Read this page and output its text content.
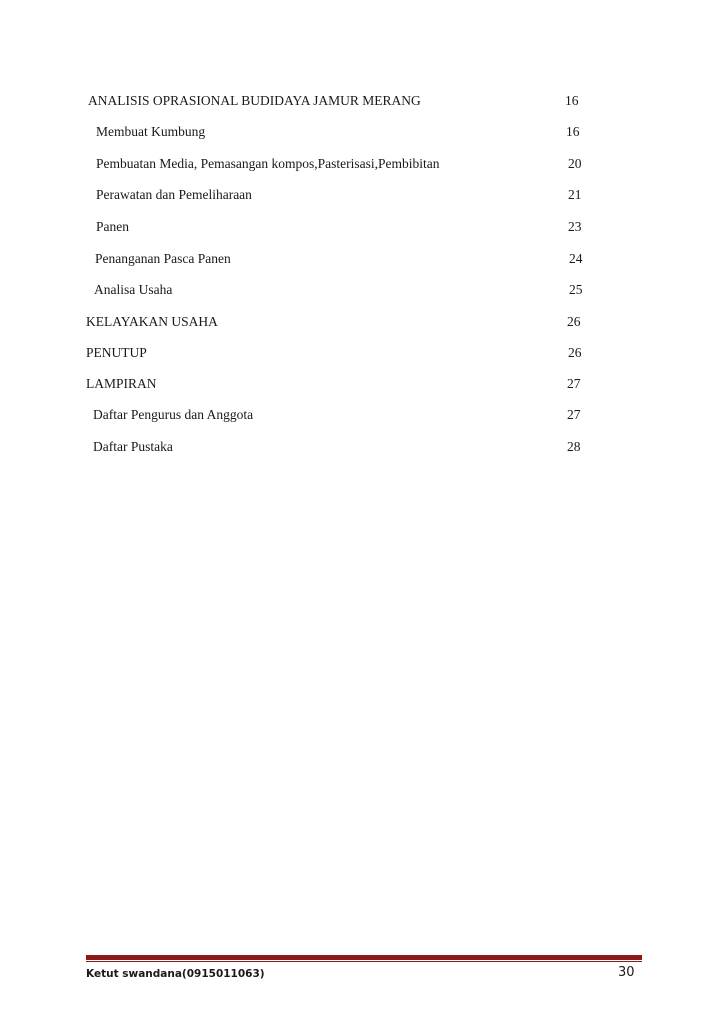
ANALISIS OPRASIONAL BUDIDAYA JAMUR MERANG	16
Membuat Kumbung	16
Pembuatan Media, Pemasangan kompos,Pasterisasi,Pembibitan	20
Perawatan dan Pemeliharaan	21
Panen	23
Penanganan Pasca Panen	24
Analisa Usaha	25
KELAYAKAN USAHA	26
PENUTUP	26
LAMPIRAN	27
Daftar Pengurus dan Anggota	27
Daftar Pustaka	28
Ketut swandana(0915011063)	30
